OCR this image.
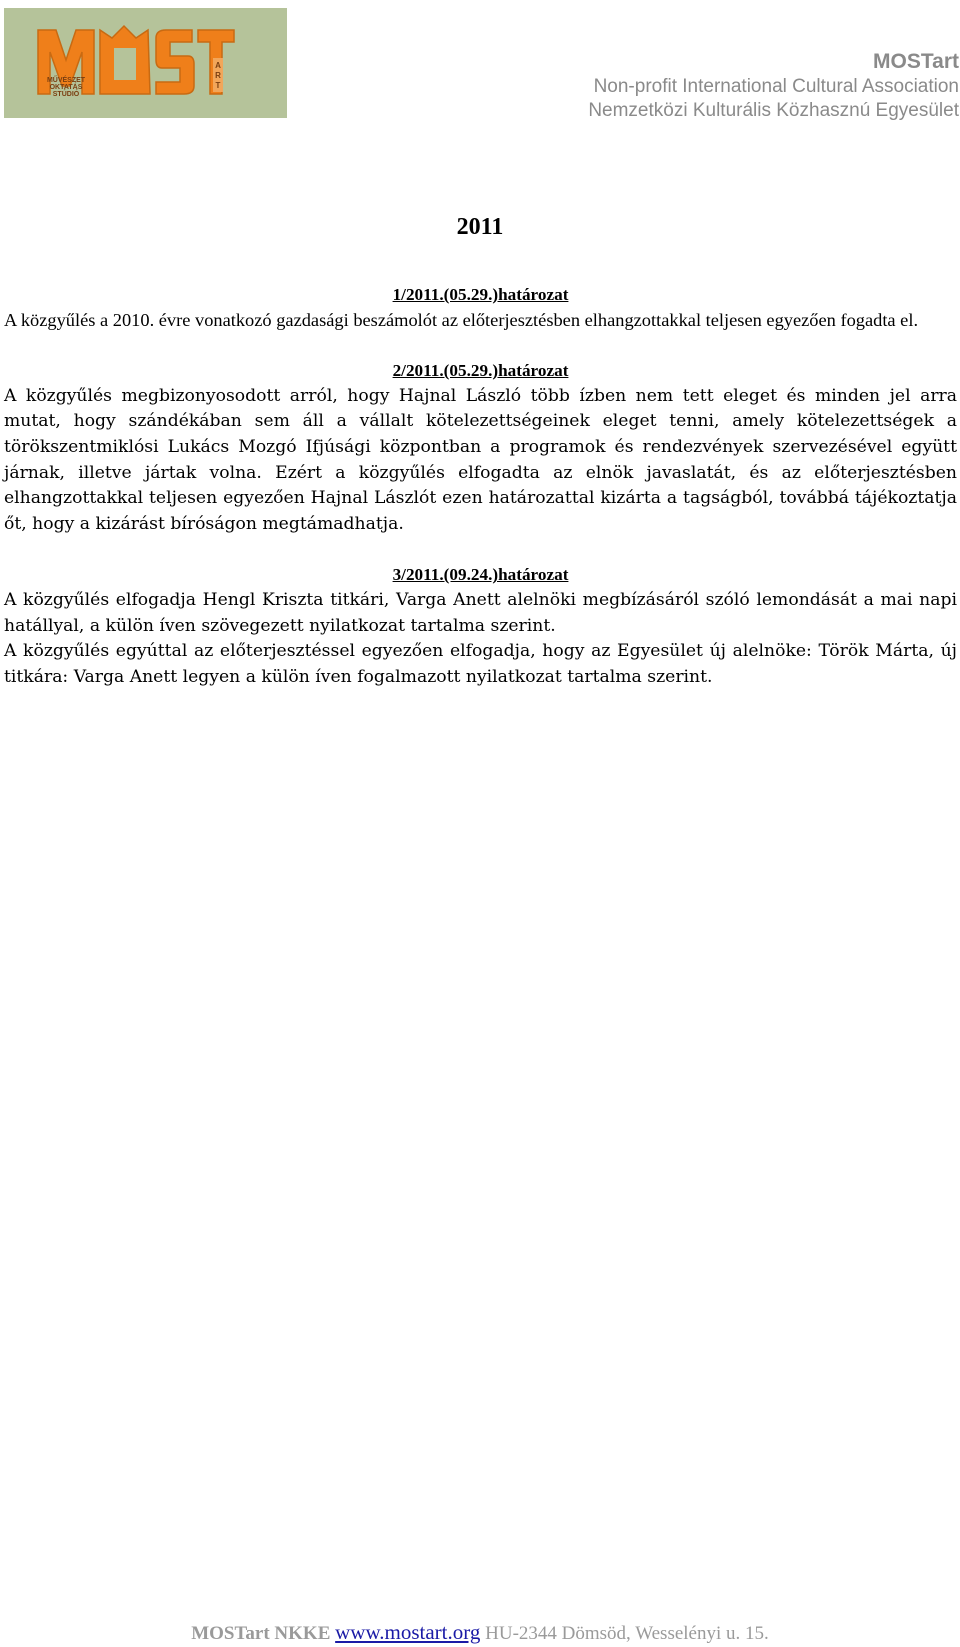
MŰVÉSZET
OKTATÁS
STÚDIÓ
A
R
T
MOSTart
Non-profit International Cultural Association
Nemzetközi Kulturális Közhasznú Egyesület
2011
1/2011.(05.29.)határozat
A közgyűlés a 2010. évre vonatkozó gazdasági beszámolót az előterjesztésben elhangzottakkal teljesen egyezően fogadta el.
2/2011.(05.29.)határozat
A közgyűlés megbizonyosodott arról, hogy Hajnal László több ízben nem tett eleget és minden jel arra mutat, hogy szándékában sem áll a vállalt kötelezettségeinek eleget tenni, amely kötelezettségek a törökszentmiklósi Lukács Mozgó Ifjúsági központban a programok és rendezvények szervezésével együtt járnak, illetve jártak volna. Ezért a közgyűlés elfogadta az elnök javaslatát, és az előterjesztésben elhangzottakkal teljesen egyezően Hajnal Lászlót ezen határozattal kizárta a tagságból, továbbá tájékoztatja őt, hogy a kizárást bíróságon megtámadhatja.
3/2011.(09.24.)határozat
A közgyűlés elfogadja Hengl Kriszta titkári, Varga Anett alelnöki megbízásáról szóló lemondását a mai napi hatállyal, a külön íven szövegezett nyilatkozat tartalma szerint.
A közgyűlés egyúttal az előterjesztéssel egyezően elfogadja, hogy az Egyesület új alelnöke: Török Márta, új titkára: Varga Anett legyen a külön íven fogalmazott nyilatkozat tartalma szerint.
MOSTart NKKE www.mostart.org HU-2344 Dömsöd, Wesselényi u. 15.
